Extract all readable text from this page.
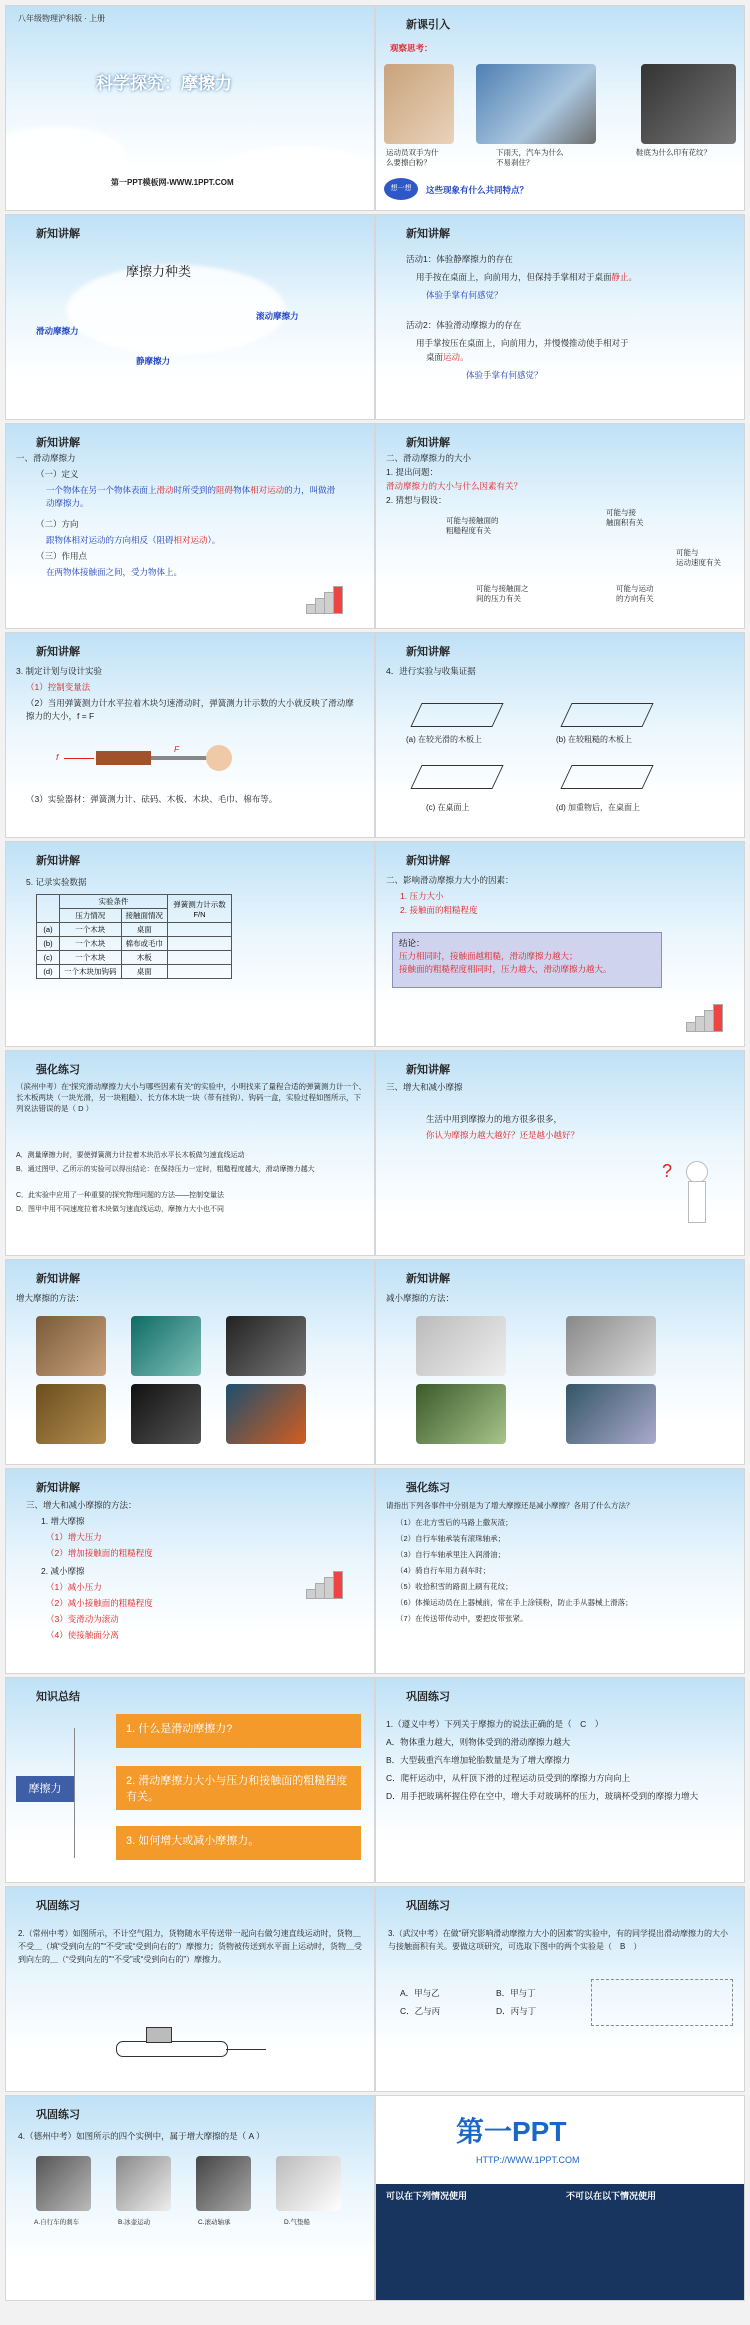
八年级物理沪科版 · 上册
科学探究：摩擦力
第一PPT模板网-WWW.1PPT.COM
新课引入
观察思考：
运动员双手为什
么要擦白粉？
下雨天，汽车为什么
不易刹住？
鞋底为什么印有花纹？
想一想	这些现象有什么共同特点？
新知讲解
摩擦力种类
滑动摩擦力
滚动摩擦力
静摩擦力
新知讲解
活动1：体验静摩擦力的存在
用手按在桌面上，向前用力，但保持手掌相对于桌面静止。
体验手掌有何感觉？
活动2：体验滑动摩擦力的存在
用手掌按压在桌面上，向前用力，并慢慢推动使手相对于
桌面运动。
体验手掌有何感觉？
新知讲解
一、滑动摩擦力
（一）定义
一个物体在另一个物体表面上滑动时所受到的阻碍物体相对运动的力，叫做滑动摩擦力。
（二）方向
跟物体相对运动的方向相反（阻碍相对运动）。
（三）作用点
在两物体接触面之间，受力物体上。
新知讲解
二、滑动摩擦力的大小
1. 提出问题：
滑动摩擦力的大小与什么因素有关？
2. 猜想与假设：
可能与接触面的
粗糙程度有关
可能与接
触面积有关
可能与
运动速度有关
可能与接触面之
间的压力有关
可能与运动
的方向有关
新知讲解
3. 制定计划与设计实验
（1）控制变量法
（2）当用弹簧测力计水平拉着木块匀速滑动时，弹簧测力计示数的大小就反映了滑动摩擦力的大小，f = F
f
F
（3）实验器材：弹簧测力计、砝码、木板、木块、毛巾、棉布等。
新知讲解
4．进行实验与收集证据
(a) 在较光滑的木板上	(b) 在较粗糙的木板上
(c) 在桌面上	(d) 加重物后，在桌面上
新知讲解
5. 记录实验数据
	实验条件		弹簧测力计示数F/N
	压力情况	接触面情况	
(a)	一个木块	桌面	
(b)	一个木块	棉布或毛巾	
(c)	一个木块	木板	
(d)	一个木块加钩码	桌面	
新知讲解
二、影响滑动摩擦力大小的因素：
1. 压力大小
2. 接触面的粗糙程度
结论：
压力相同时，接触面越粗糙，滑动摩擦力越大；
接触面的粗糙程度相同时，压力越大，滑动摩擦力越大。
强化练习
（滨州中考）在“探究滑动摩擦力大小与哪些因素有关”的实验中，小明找来了量程合适的弹簧测力计一个、长木板两块（一块光滑，另一块粗糙）、长方体木块一块（带有挂钩）、钩码一盒，实验过程如图所示，下列说法错误的是（ D ）
A．测量摩擦力时，要使弹簧测力计拉着木块沿水平长木板做匀速直线运动
B．通过图甲、乙所示的实验可以得出结论：在保持压力一定时，粗糙程度越大，滑动摩擦力越大
C．此实验中应用了一种重要的探究物理问题的方法——控制变量法
D．图甲中用不同速度拉着木块做匀速直线运动，摩擦力大小也不同
新知讲解
三、增大和减小摩擦
生活中用到摩擦力的地方很多很多，
你认为摩擦力越大越好？还是越小越好？
?
新知讲解
增大摩擦的方法：
新知讲解
减小摩擦的方法：
新知讲解
三、增大和减小摩擦的方法：
1. 增大摩擦
（1）增大压力
（2）增加接触面的粗糙程度
2. 减小摩擦
（1）减小压力
（2）减小接触面的粗糙程度
（3）变滑动为滚动
（4）使接触面分离
强化练习
请指出下列各事件中分别是为了增大摩擦还是减小摩擦？各用了什么方法？
（1）在北方雪后的马路上撒灰渣；
（2）自行车轴承装有滚珠轴承；
（3）自行车轴承里注入润滑油；
（4）骑自行车用力刹车时；
（5）收拾积雪的路面上刷有花纹；
（6）体操运动员在上器械前，常在手上涂镁粉，防止手从器械上滑落；
（7）在传送带传动中，要把皮带张紧。
知识总结
摩擦力
1. 什么是滑动摩擦力?
2. 滑动摩擦力大小与压力和接触面的粗糙程度有关。
3. 如何增大或减小摩擦力。
巩固练习
1.（遵义中考）下列关于摩擦力的说法正确的是（　C　）
A．物体重力越大，则物体受到的滑动摩擦力越大
B．大型载重汽车增加轮胎数量是为了增大摩擦力
C．爬杆运动中，从杆顶下滑的过程运动员受到的摩擦力方向向上
D．用手把玻璃杯握住停在空中，增大手对玻璃杯的压力，玻璃杯受到的摩擦力增大
巩固练习
2.（常州中考）如图所示，不计空气阻力，货物随水平传送带一起向右做匀速直线运动时，货物＿不受＿（填“受到向左的”“不受”或“受到向右的”）摩擦力；货物被传送到水平面上运动时，货物＿受到向左的＿（“受到向左的”“不受”或“受到向右的”）摩擦力。
巩固练习
3.（武汉中考）在做“研究影响滑动摩擦力大小的因素”的实验中，有的同学提出滑动摩擦力的大小与接触面积有关。要做这项研究，可选取下图中的两个实验是（　B　）
A．甲与乙	B．甲与丁
C．乙与丙	D．丙与丁
巩固练习
4.（德州中考）如图所示的四个实例中，属于增大摩擦的是（ A ）
A.自行车的刹车	B.冰壶运动	C.滚动轴承	D.气垫船
第一PPT
HTTP://WWW.1PPT.COM
可以在下列情况使用	不可以在以下情况使用
